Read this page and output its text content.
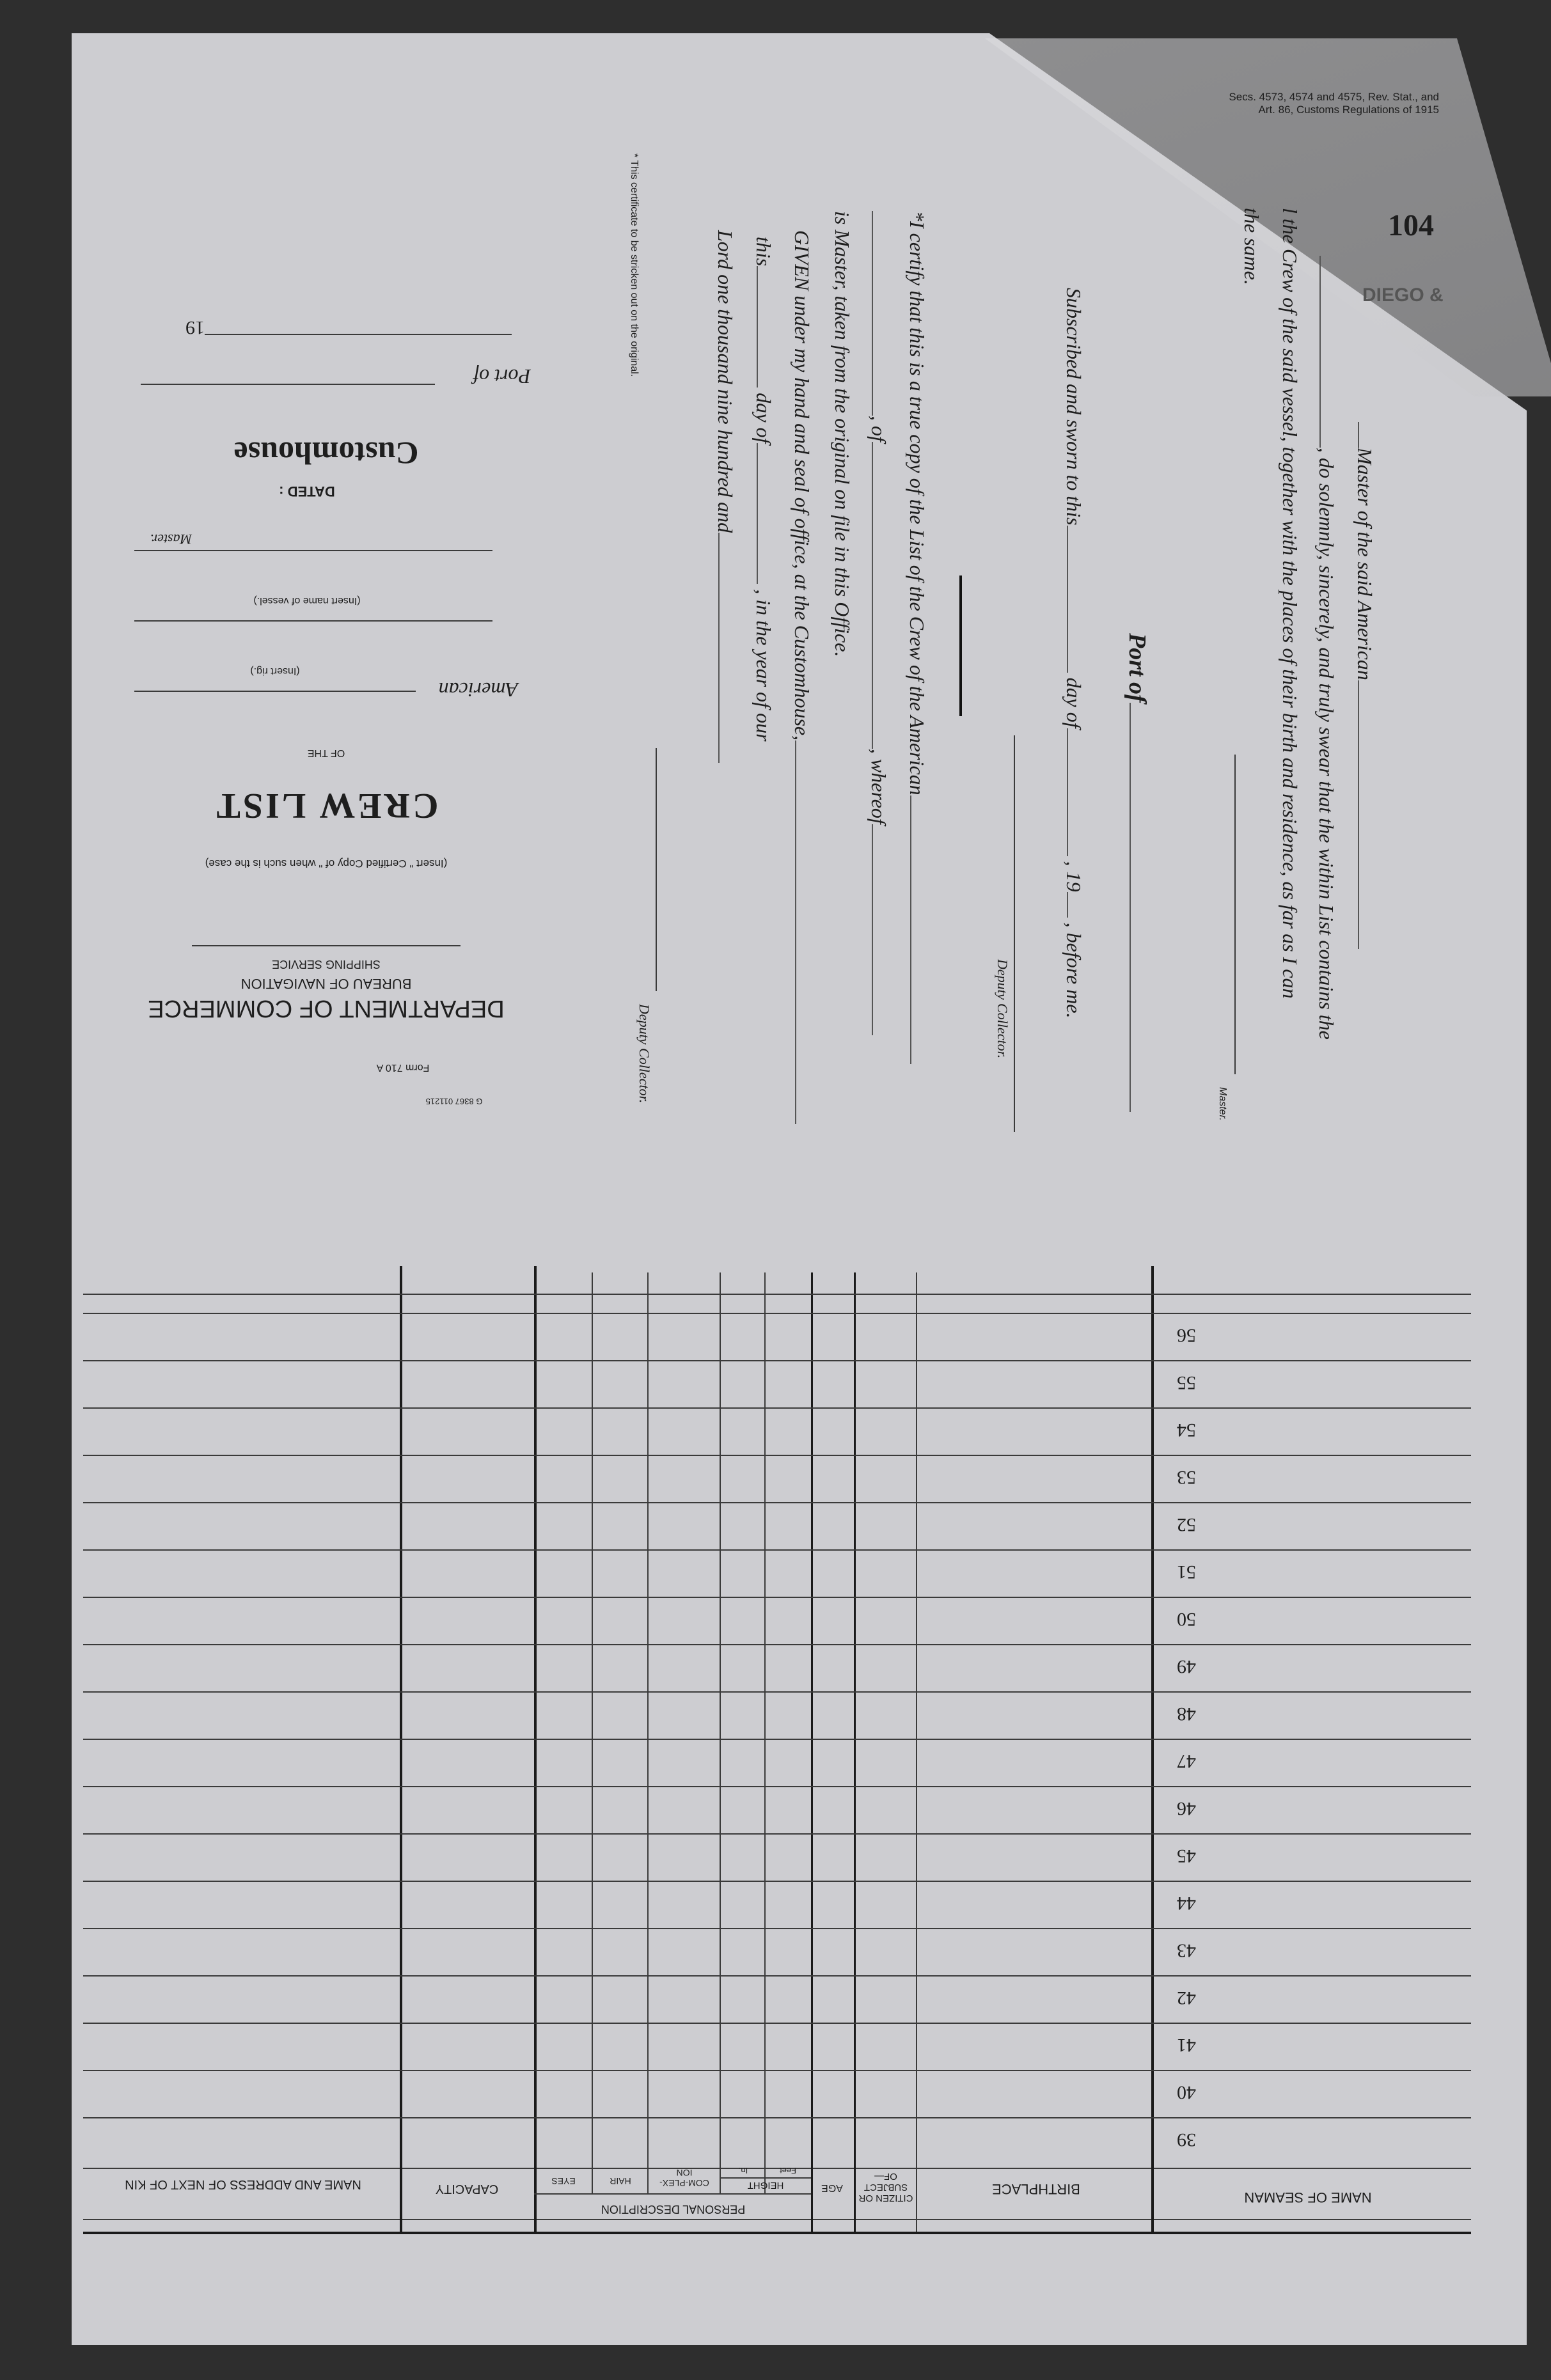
Secs. 4573, 4574 and 4575, Rev. Stat., and
Art. 86, Customs Regulations of 1915
104
DIEGO &
Master of the said American
, do solemnly, sincerely, and truly swear that the within List contains the
l the Crew of the said vessel, together with the places of their birth and residence, as far as I can
the same.
Master.
Port of
Subscribed and sworn to this day of , 19 , before me.
Deputy Collector.
*I certify that this is a true copy of the List of the Crew of the American
, of, whereof
is Master, taken from the original on file in this Office.
GIVEN under my hand and seal of office, at the Customhouse,
this day of , in the year of our
Lord one thousand nine hundred and
Deputy Collector.
* This certificate to be stricken out on the original.
Form 710 A
G 8367 011215
DEPARTMENT OF COMMERCE
BUREAU OF NAVIGATION
SHIPPING SERVICE
(Insert " Certified Copy of " when such is the case)
CREW LIST
OF THE
American
(Insert rig.)
(Insert name of vessel.)
Master.
DATED :
Customhouse
Port of
19
NAME OF SEAMAN
BIRTHPLACE
CITIZEN OR SUBJECT OF—
AGE
PERSONAL DESCRIPTION
HEIGHT
Feet
In.
COM-PLEX-ION
HAIR
EYES
CAPACITY
NAME AND ADDRESS OF NEXT OF KIN
39
40
41
42
43
44
45
46
47
48
49
50
51
52
53
54
55
56
